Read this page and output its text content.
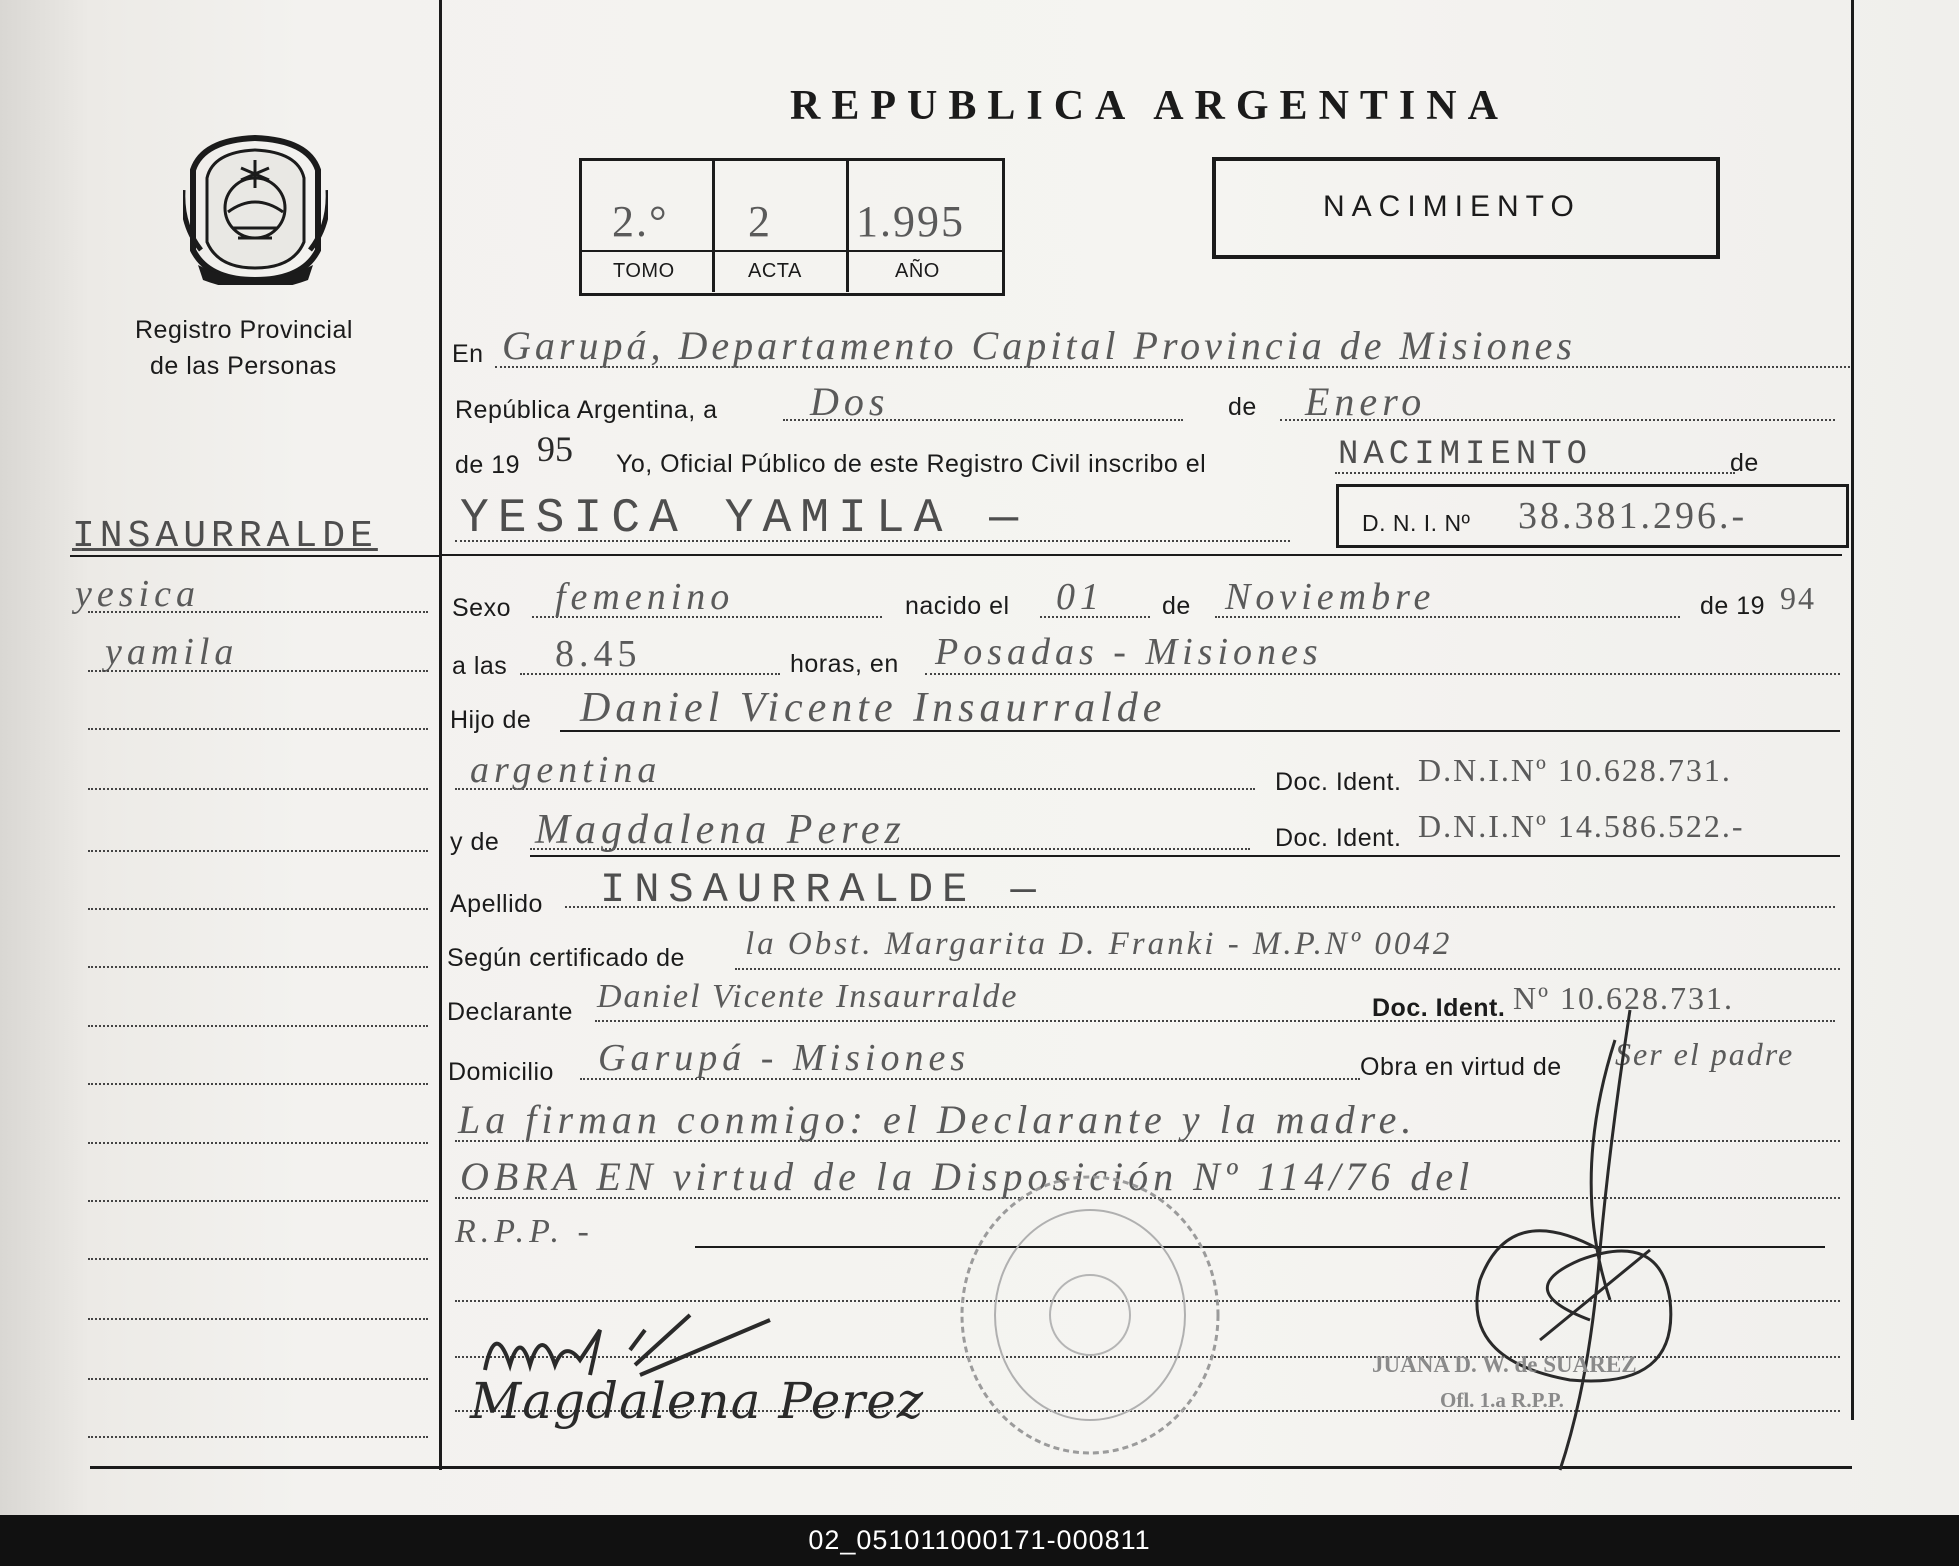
Registro Provincial
de las Personas
INSAURRALDE
yesica
yamila
REPUBLICA ARGENTINA
2.° 2 1.995
TOMO	ACTA	AÑO
NACIMIENTO
En Garupá, Departamento Capital Provincia de Misiones
República Argentina, a Dos	de Enero
de 19 95 Yo, Oficial Público de este Registro Civil inscribo el	NACIMIENTO	de
YESICA YAMILA —	D. N. I. Nº 38.381.296.-
Sexo femenino	nacido el 01 de Noviembre	de 19 94
a las 8.45	horas, en Posadas - Misiones
Hijo de Daniel Vicente Insaurralde
argentina	Doc. Ident. D.N.I.Nº 10.628.731.
y de Magdalena Perez	Doc. Ident. D.N.I.Nº 14.586.522.-
Apellido INSAURRALDE —
Según certificado de la Obst. Margarita D. Franki - M.P.Nº 0042
Declarante Daniel Vicente Insaurralde	Doc. Ident. Nº 10.628.731.
Domicilio Garupá - Misiones	Obra en virtud de Ser el padre
La firman conmigo: el Declarante y la madre.
OBRA EN virtud de la Disposición Nº 114/76 del
R.P.P. -
Magdalena Perez
JUANA D. W. de SUAREZ
Ofl. 1.a R.P.P.
02_051011000171-000811
